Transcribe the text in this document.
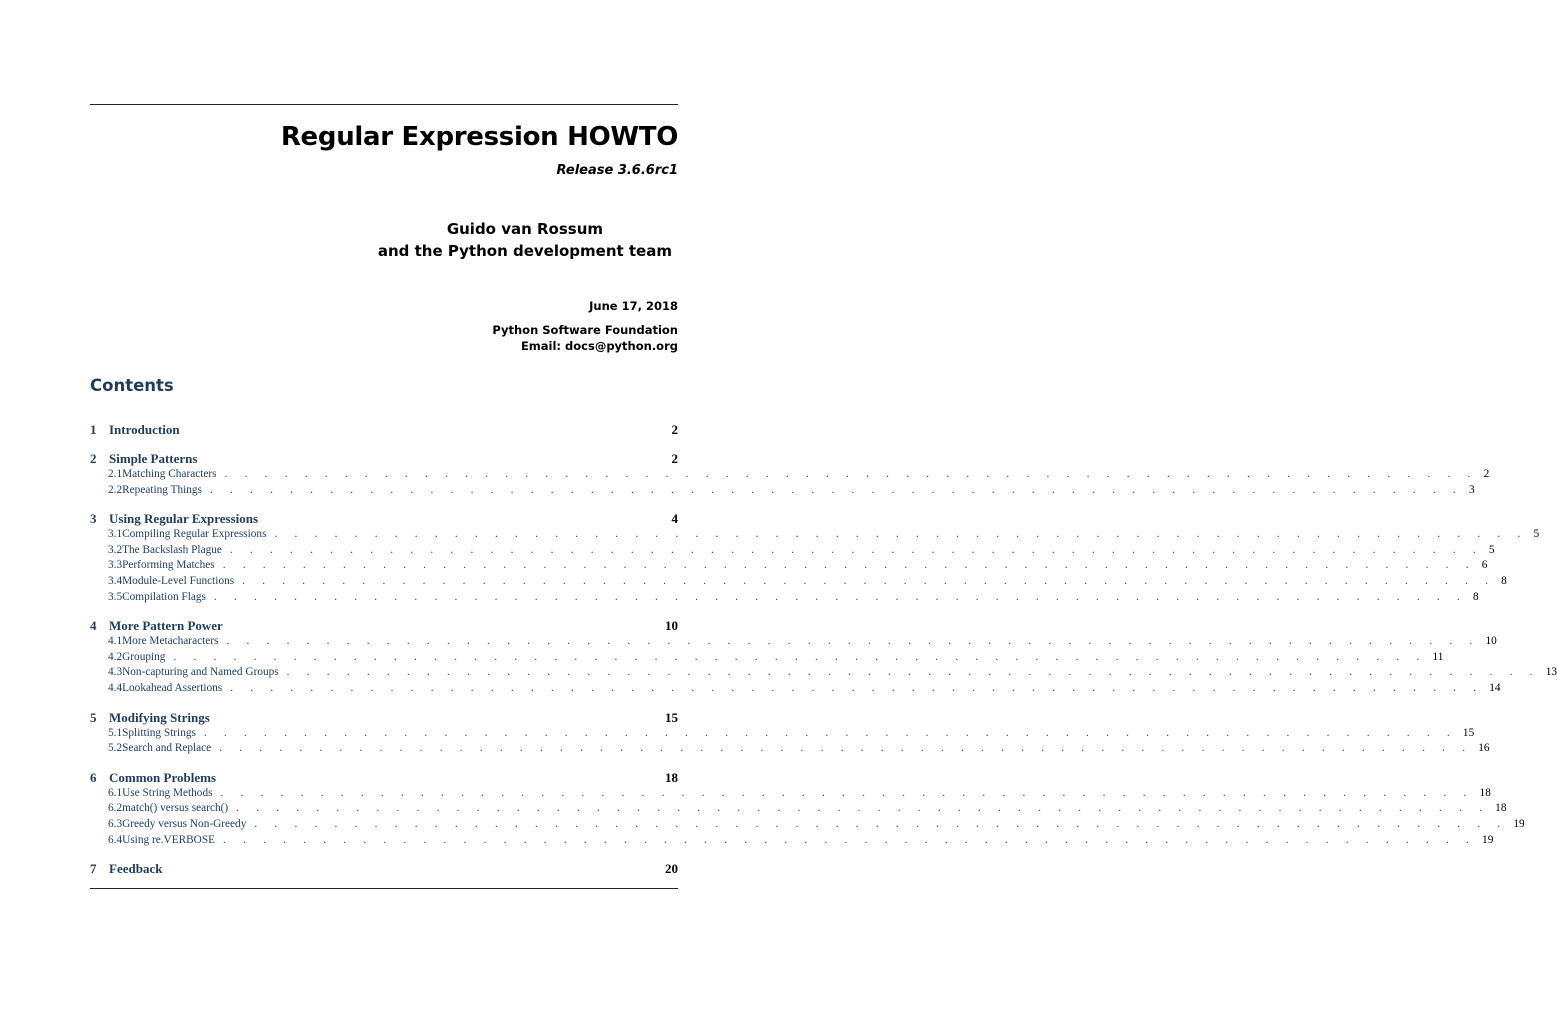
Regular Expression HOWTO
Release 3.6.6rc1
Guido van Rossum
and the Python development team
June 17, 2018
Python Software Foundation
Email: docs@python.org
Contents
1 Introduction	2
2 Simple Patterns	2
2.1 Matching Characters . . . . . . . . . . . . . . . . . . . . . . . . . . . . . . . . . . . . . . . . . . . . . . . . . . . . . . . . . . . . . . . 2
2.2 Repeating Things . . . . . . . . . . . . . . . . . . . . . . . . . . . . . . . . . . . . . . . . . . . . . . . . . . . . . . . . . . . . . . . 3
3 Using Regular Expressions	4
3.1 Compiling Regular Expressions . . . . . . . . . . . . . . . . . . . . . . . . . . . . . . . . . . . . . . . . . . . . . . . . . . . . . . . . . . . . . . . 5
3.2 The Backslash Plague . . . . . . . . . . . . . . . . . . . . . . . . . . . . . . . . . . . . . . . . . . . . . . . . . . . . . . . . . . . . . . . 5
3.3 Performing Matches . . . . . . . . . . . . . . . . . . . . . . . . . . . . . . . . . . . . . . . . . . . . . . . . . . . . . . . . . . . . . . . 6
3.4 Module-Level Functions . . . . . . . . . . . . . . . . . . . . . . . . . . . . . . . . . . . . . . . . . . . . . . . . . . . . . . . . . . . . . . . 8
3.5 Compilation Flags . . . . . . . . . . . . . . . . . . . . . . . . . . . . . . . . . . . . . . . . . . . . . . . . . . . . . . . . . . . . . . . 8
4 More Pattern Power	10
4.1 More Metacharacters . . . . . . . . . . . . . . . . . . . . . . . . . . . . . . . . . . . . . . . . . . . . . . . . . . . . . . . . . . . . . . . 10
4.2 Grouping . . . . . . . . . . . . . . . . . . . . . . . . . . . . . . . . . . . . . . . . . . . . . . . . . . . . . . . . . . . . . . . 11
4.3 Non-capturing and Named Groups . . . . . . . . . . . . . . . . . . . . . . . . . . . . . . . . . . . . . . . . . . . . . . . . . . . . . . . . . . . . . . . 13
4.4 Lookahead Assertions . . . . . . . . . . . . . . . . . . . . . . . . . . . . . . . . . . . . . . . . . . . . . . . . . . . . . . . . . . . . . . . 14
5 Modifying Strings	15
5.1 Splitting Strings . . . . . . . . . . . . . . . . . . . . . . . . . . . . . . . . . . . . . . . . . . . . . . . . . . . . . . . . . . . . . . . 15
5.2 Search and Replace . . . . . . . . . . . . . . . . . . . . . . . . . . . . . . . . . . . . . . . . . . . . . . . . . . . . . . . . . . . . . . . 16
6 Common Problems	18
6.1 Use String Methods . . . . . . . . . . . . . . . . . . . . . . . . . . . . . . . . . . . . . . . . . . . . . . . . . . . . . . . . . . . . . . . 18
6.2 match() versus search() . . . . . . . . . . . . . . . . . . . . . . . . . . . . . . . . . . . . . . . . . . . . . . . . . . . . . . . . . . . . . . . 18
6.3 Greedy versus Non-Greedy . . . . . . . . . . . . . . . . . . . . . . . . . . . . . . . . . . . . . . . . . . . . . . . . . . . . . . . . . . . . . . . 19
6.4 Using re.VERBOSE . . . . . . . . . . . . . . . . . . . . . . . . . . . . . . . . . . . . . . . . . . . . . . . . . . . . . . . . . . . . . . . 19
7 Feedback	20
